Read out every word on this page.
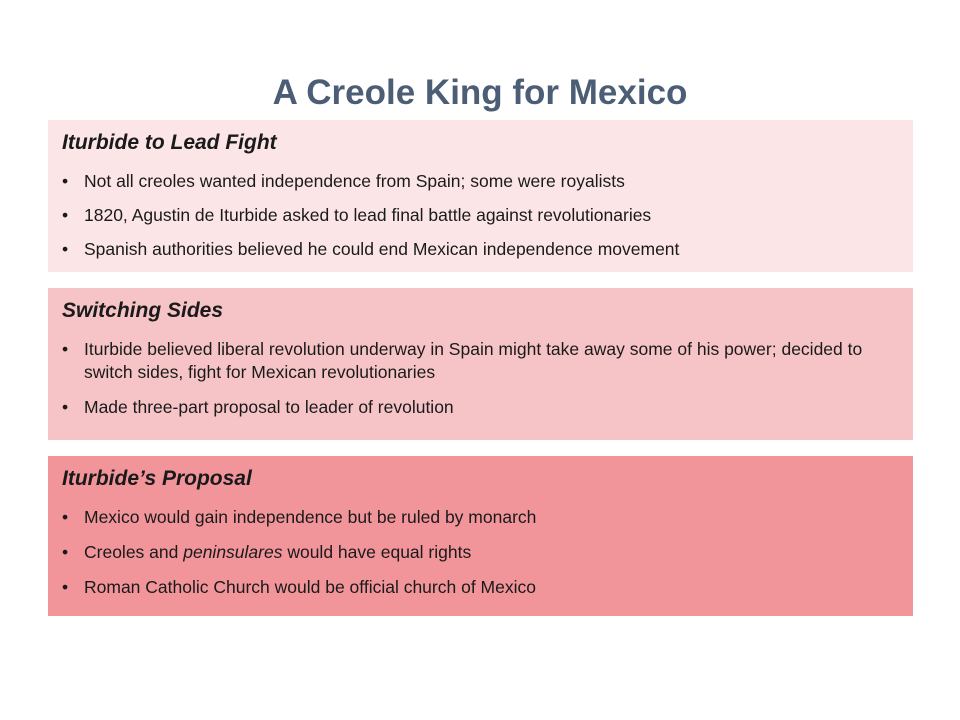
A Creole King for Mexico
Iturbide to Lead Fight
• Not all creoles wanted independence from Spain; some were royalists
• 1820, Agustin de Iturbide asked to lead final battle against revolutionaries
• Spanish authorities believed he could end Mexican independence movement
Switching Sides
• Iturbide believed liberal revolution underway in Spain might take away some of his power; decided to switch sides, fight for Mexican revolutionaries
• Made three-part proposal to leader of revolution
Iturbide’s Proposal
• Mexico would gain independence but be ruled by monarch
• Creoles and peninsulares would have equal rights
• Roman Catholic Church would be official church of Mexico
